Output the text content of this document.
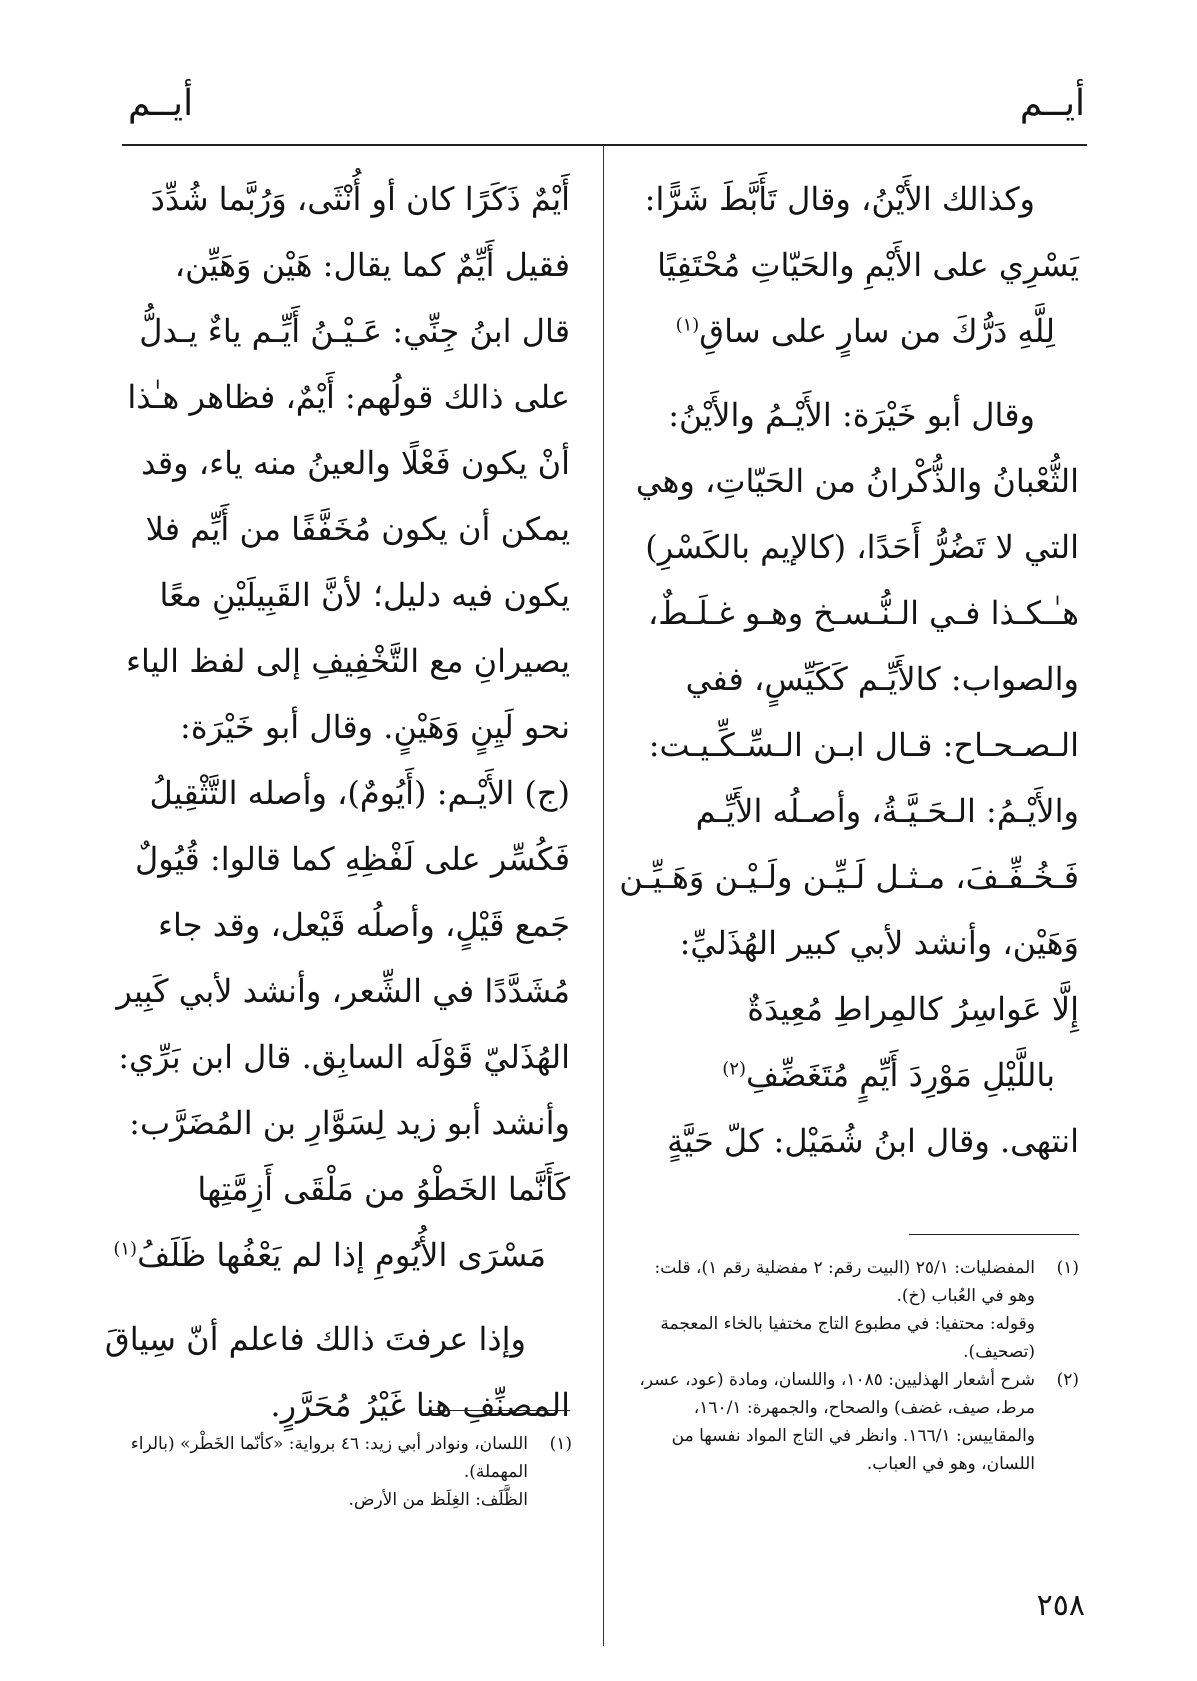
أيــم
أيــم
وكذالك الأَيْنُ، وقال تَأَبَّطَ شَرًّا:
يَسْرِي على الأَيْمِ والحَيّاتِ مُحْتَفِيًا
لِلَّهِ دَرُّكَ من سارٍ على ساقِ$^{(١)}$
وقال أبو خَيْرَة: الأَيْـمُ والأَيْنُ:
الثُّعْبانُ والذُّكْرانُ من الحَيّاتِ، وهي
التي لا تَضُرُّ أَحَدًا، (كالإيم بالكَسْرِ)
هـٰـكـذا فـي الـنُّـسـخ وهـو غـلَـطٌ،
والصواب: كالأَيِّـم كَكَيِّسٍ، ففي
الـصـحـاح: قـال ابـن الـسِّـكِّـيـت:
والأَيْـمُ: الـحَـيَّـةُ، وأصـلُه الأَيِّـم
فَـخُـفِّـفَ، مـثـل لَـيِّـن ولَـيْـن وَهَـيِّـن
وَهَيْن، وأنشد لأبي كبير الهُذَليِّ:
إِلَّا عَواسِرُ كالمِراطِ مُعِيدَةٌ
باللَّيْلِ مَوْرِدَ أَيِّمٍ مُتَغَضِّفِ$^{(٢)}$
انتهى. وقال ابنُ شُمَيْل: كلّ حَيَّةٍ
أَيْمٌ ذَكَرًا كان أو أُنْثَى، وَرُبَّما شُدِّدَ
فقيل أَيِّمٌ كما يقال: هَيْن وَهَيِّن،
قال ابنُ جِنِّي: عَـيْـنُ أَيِّـم ياءٌ يـدلُّ
على ذالك قولُهم: أَيْمٌ، فظاهر هـٰذا
أنْ يكون فَعْلًا والعينُ منه ياء، وقد
يمكن أن يكون مُخَفَّفًا من أَيِّم فلا
يكون فيه دليل؛ لأنَّ القَبِيلَيْنِ معًا
يصيرانِ مع التَّخْفِيفِ إلى لفظ الياء
نحو لَيِنٍ وَهَيْنٍ. وقال أبو خَيْرَة:
(ج) الأَيْـم: (أَيُومٌ)، وأصله التَّثْقِيلُ
فَكُسِّر على لَفْظِهِ كما قالوا: قُيُولٌ
جَمع قَيْلٍ، وأصلُه قَيْعل، وقد جاء
مُشَدَّدًا في الشِّعر، وأنشد لأبي كَبِير
الهُذَليّ قَوْلَه السابِق. قال ابن بَرِّي:
وأنشد أبو زيد لِسَوَّارِ بن المُضَرَّب:
كَأَنَّما الخَطْوُ من مَلْقَى أَزِمَّتِها
مَسْرَى الأُيُومِ إذا لم يَعْفُها ظَلَفُ$^{(١)}$
وإذا عرفتَ ذالك فاعلم أنّ سِياقَ
المصنِّفِ هنا غَيْرُ مُحَرَّرٍ.
(١)
المفضليات: ٢٥/١ (البيت رقم: ٢ مفضلية رقم ١)، قلت: وهو في العُباب (خ).
وقوله: محتفيا: في مطبوع التاج مختفيا بالخاء المعجمة (تصحيف).
(٢)
شرح أشعار الهذليين: ١٠٨٥، واللسان، ومادة (عود، عسر، مرط، صيف، غضف) والصحاح، والجمهرة: ١٦٠/١، والمقاييس: ١٦٦/١. وانظر في التاج المواد نفسها من اللسان، وهو في العباب.
(١)
اللسان، ونوادر أبي زيد: ٤٦ برواية: «كأنّما الخَطْر» (بالراء المهملة).
الظَّلَف: الغِلَظ من الأرض.
٢٥٨
